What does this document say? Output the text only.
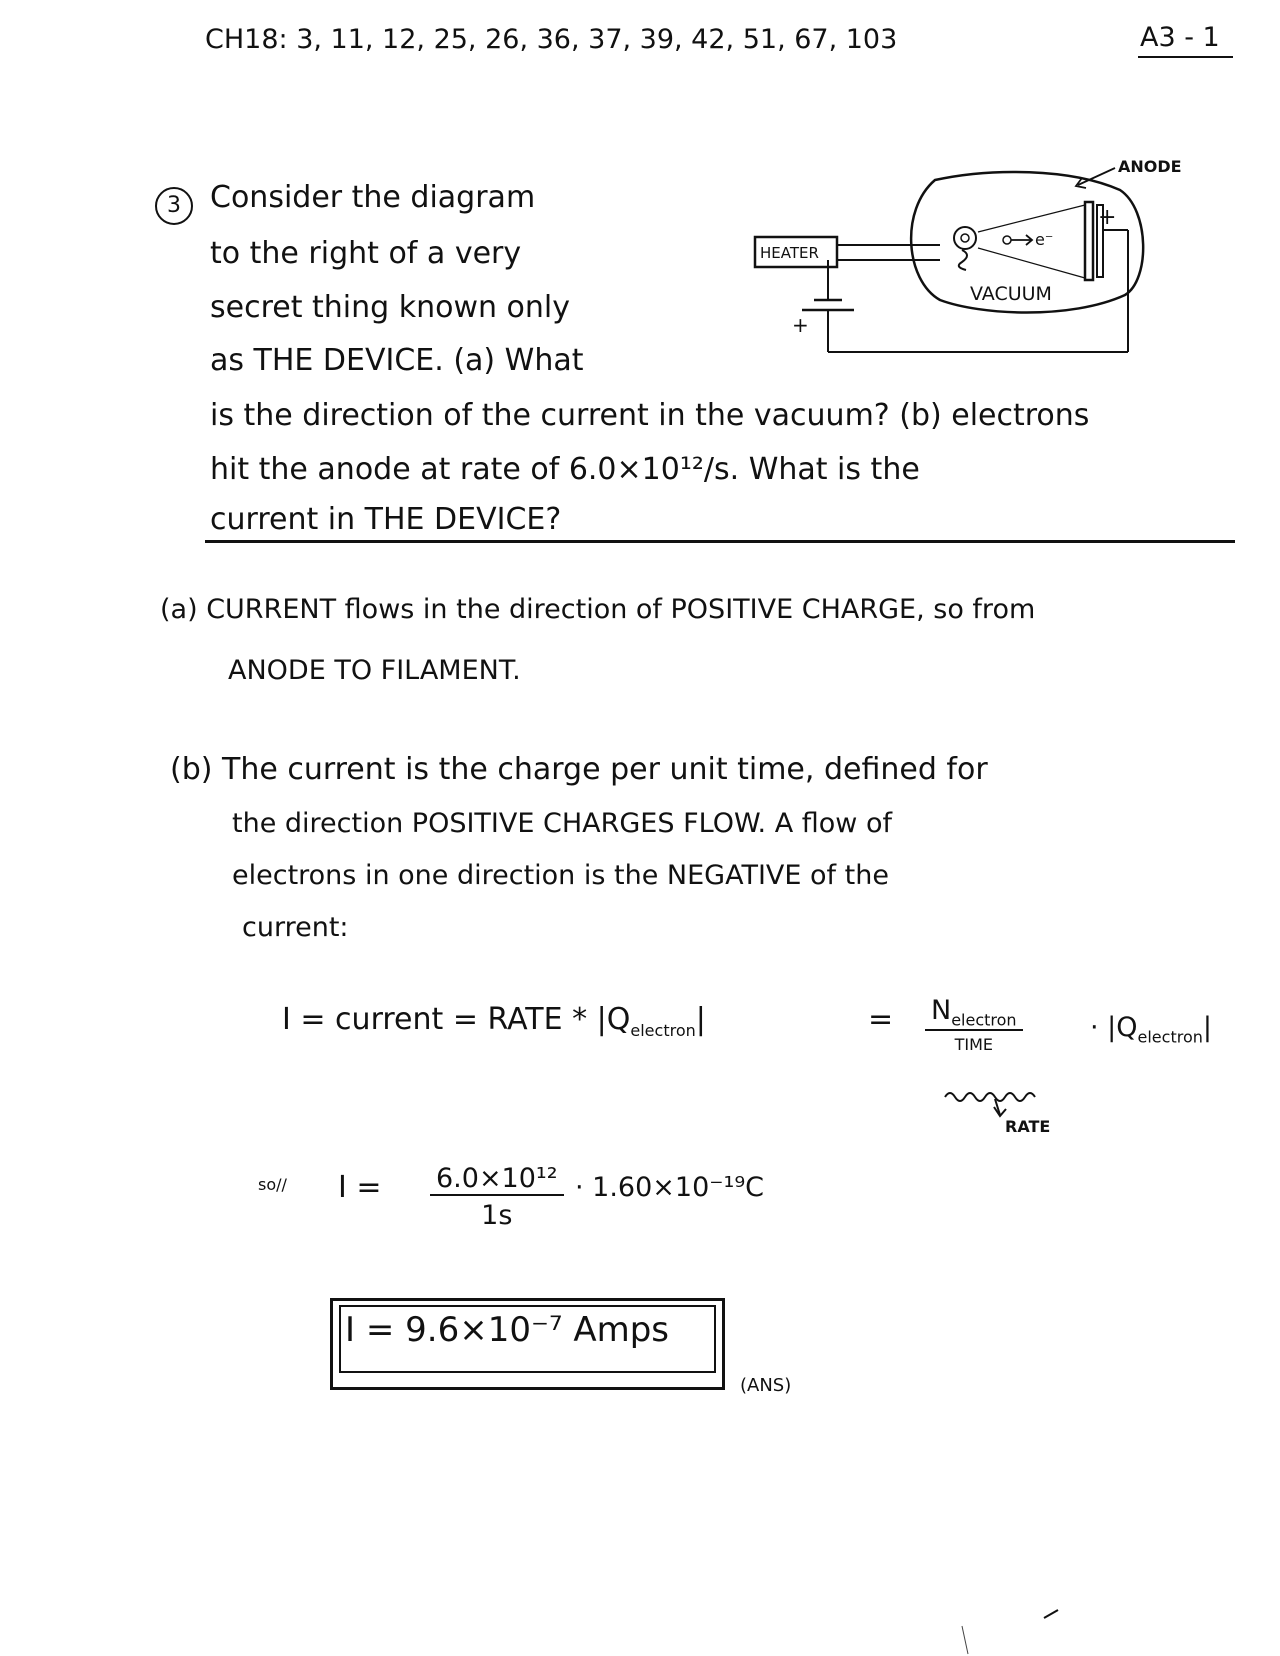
CH18: 3, 11, 12, 25, 26, 36, 37, 39, 42, 51, 67, 103	A3 - 1
3 Consider the diagram
to the right of a very
secret thing known only
as THE DEVICE. (a) What
is the direction of the current in the vacuum? (b) electrons
hit the anode at rate of 6.0×10¹²/s. What is the
current in THE DEVICE?
HEATER
e⁻
ANODE
+
VACUUM
+
(a) CURRENT flows in the direction of POSITIVE CHARGE, so from
ANODE TO FILAMENT.
(b) The current is the charge per unit time, defined for
the direction POSITIVE CHARGES FLOW. A flow of
electrons in one direction is the NEGATIVE of the
current:
I = current = RATE * $|Q_{electron}|$	= $N_{electron}$
TIME
· $|Q_{electron}|$
RATE
so// $I = \frac{\text{6.0×10¹²}}{1s} \cdot 1.60\times 10^{-19}C$
I = 9.6×10⁻⁷ Amps
(ANS)
